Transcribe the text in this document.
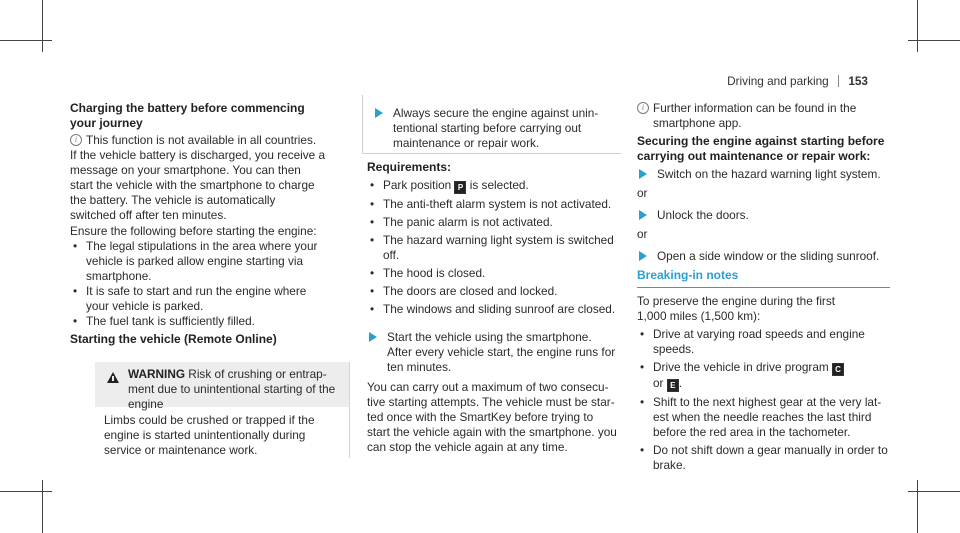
Driving and parking 153
Charging the battery before commencing
your journey
i This function is not available in all countries.
If the vehicle battery is discharged, you receive a
message on your smartphone. You can then
start the vehicle with the smartphone to charge
the battery. The vehicle is automatically
switched off after ten minutes.
Ensure the following before starting the engine:
• The legal stipulations in the area where your
vehicle is parked allow engine starting via
smartphone.
• It is safe to start and run the engine where
your vehicle is parked.
• The fuel tank is sufficiently filled.
Starting the vehicle (Remote Online)
WARNING Risk of crushing or entrap-
ment due to unintentional starting of the
engine
Limbs could be crushed or trapped if the
engine is started unintentionally during
service or maintenance work.
Always secure the engine against unin-
tentional starting before carrying out
maintenance or repair work.
Requirements:
• Park position P is selected.
• The anti-theft alarm system is not activated.
• The panic alarm is not activated.
• The hazard warning light system is switched
off.
• The hood is closed.
• The doors are closed and locked.
• The windows and sliding sunroof are closed.
Start the vehicle using the smartphone.
After every vehicle start, the engine runs for
ten minutes.
You can carry out a maximum of two consecu-
tive starting attempts. The vehicle must be star-
ted once with the SmartKey before trying to
start the vehicle again with the smartphone. you
can stop the vehicle again at any time.
i Further information can be found in the
smartphone app.
Securing the engine against starting before
carrying out maintenance or repair work:
Switch on the hazard warning light system.
or
Unlock the doors.
or
Open a side window or the sliding sunroof.
Breaking-in notes
To preserve the engine during the first
1,000 miles (1,500 km):
• Drive at varying road speeds and engine
speeds.
• Drive the vehicle in drive program C
or E .
• Shift to the next highest gear at the very lat-
est when the needle reaches the last third
before the red area in the tachometer.
• Do not shift down a gear manually in order to
brake.
